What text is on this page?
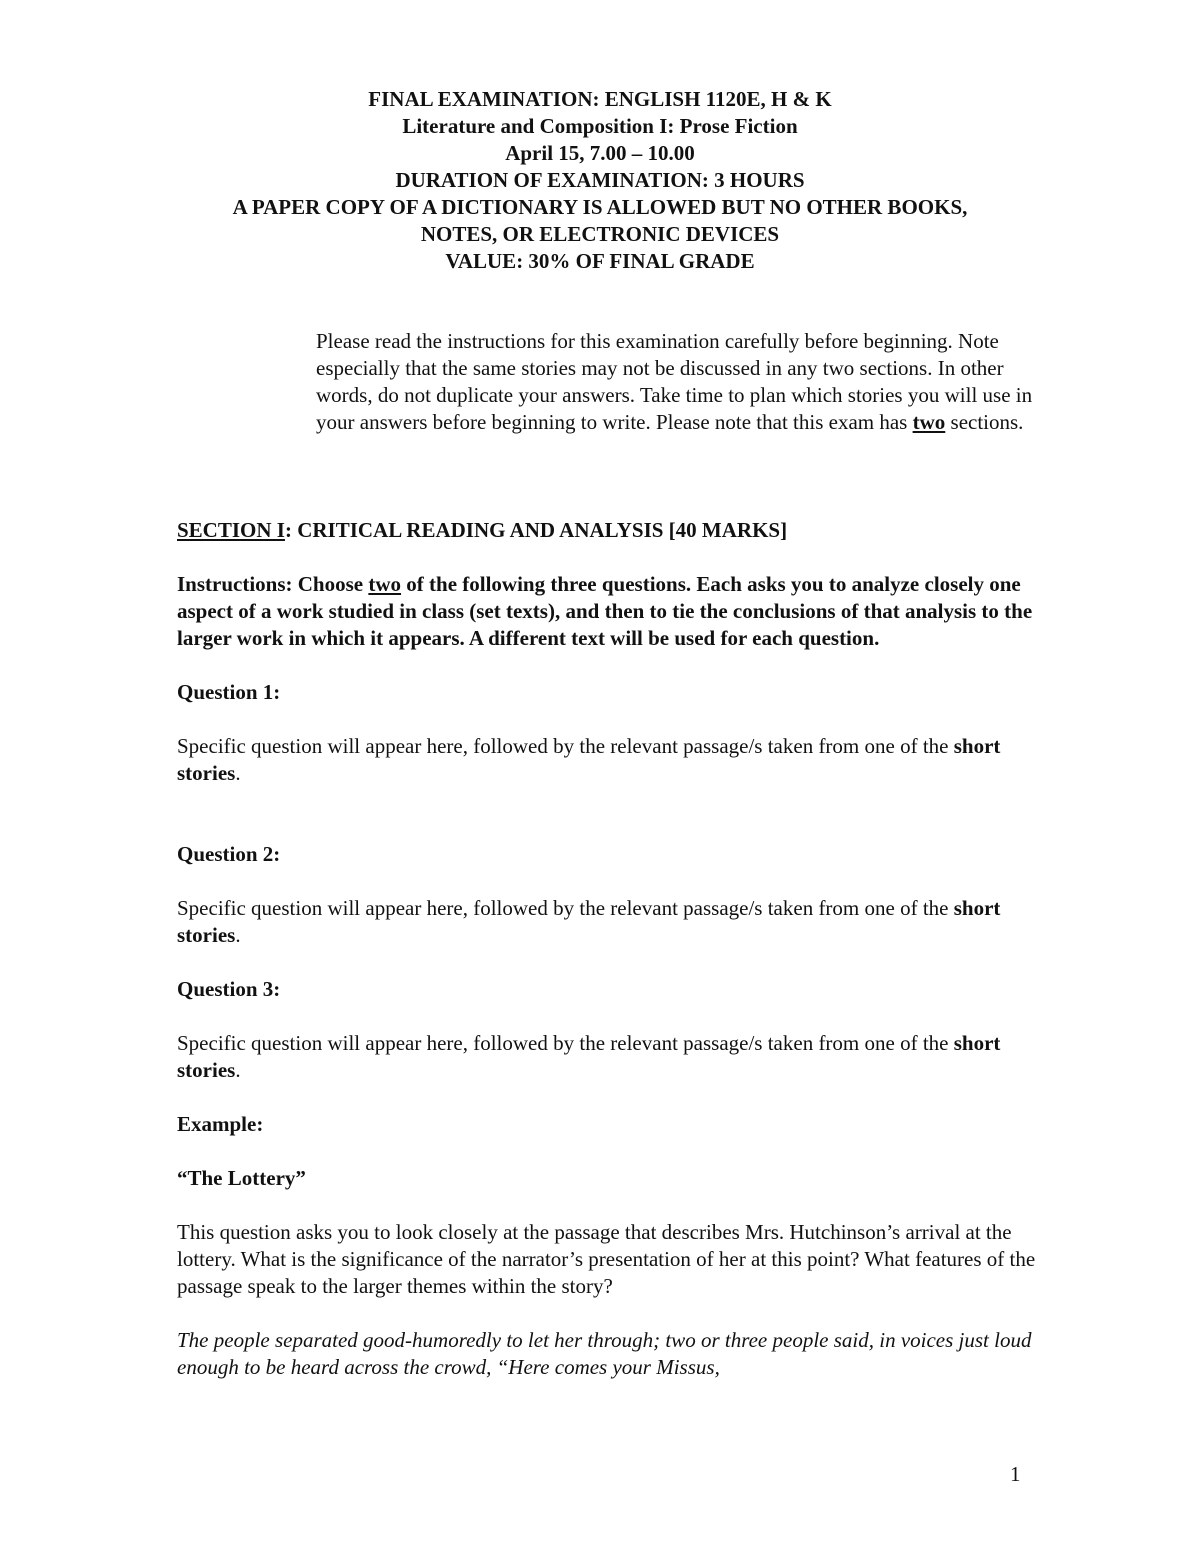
FINAL EXAMINATION: ENGLISH 1120E, H & K
Literature and Composition I: Prose Fiction
April 15, 7.00 – 10.00
DURATION OF EXAMINATION: 3 HOURS
A PAPER COPY OF A DICTIONARY IS ALLOWED BUT NO OTHER BOOKS,
NOTES, OR ELECTRONIC DEVICES
VALUE: 30% OF FINAL GRADE
Please read the instructions for this examination carefully before beginning. Note especially that the same stories may not be discussed in any two sections. In other words, do not duplicate your answers. Take time to plan which stories you will use in your answers before beginning to write. Please note that this exam has two sections.

SECTION I: CRITICAL READING AND ANALYSIS [40 MARKS]

Instructions: Choose two of the following three questions. Each asks you to analyze closely one aspect of a work studied in class (set texts), and then to tie the conclusions of that analysis to the larger work in which it appears. A different text will be used for each question.

Question 1:

Specific question will appear here, followed by the relevant passage/s taken from one of the short stories.

Question 2:

Specific question will appear here, followed by the relevant passage/s taken from one of the short stories.

Question 3:

Specific question will appear here, followed by the relevant passage/s taken from one of the short stories.

Example:

“The Lottery”

This question asks you to look closely at the passage that describes Mrs. Hutchinson’s arrival at the lottery. What is the significance of the narrator’s presentation of her at this point? What features of the passage speak to the larger themes within the story?

The people separated good-humoredly to let her through; two or three people said, in voices just loud enough to be heard across the crowd, “Here comes your Missus,

1
